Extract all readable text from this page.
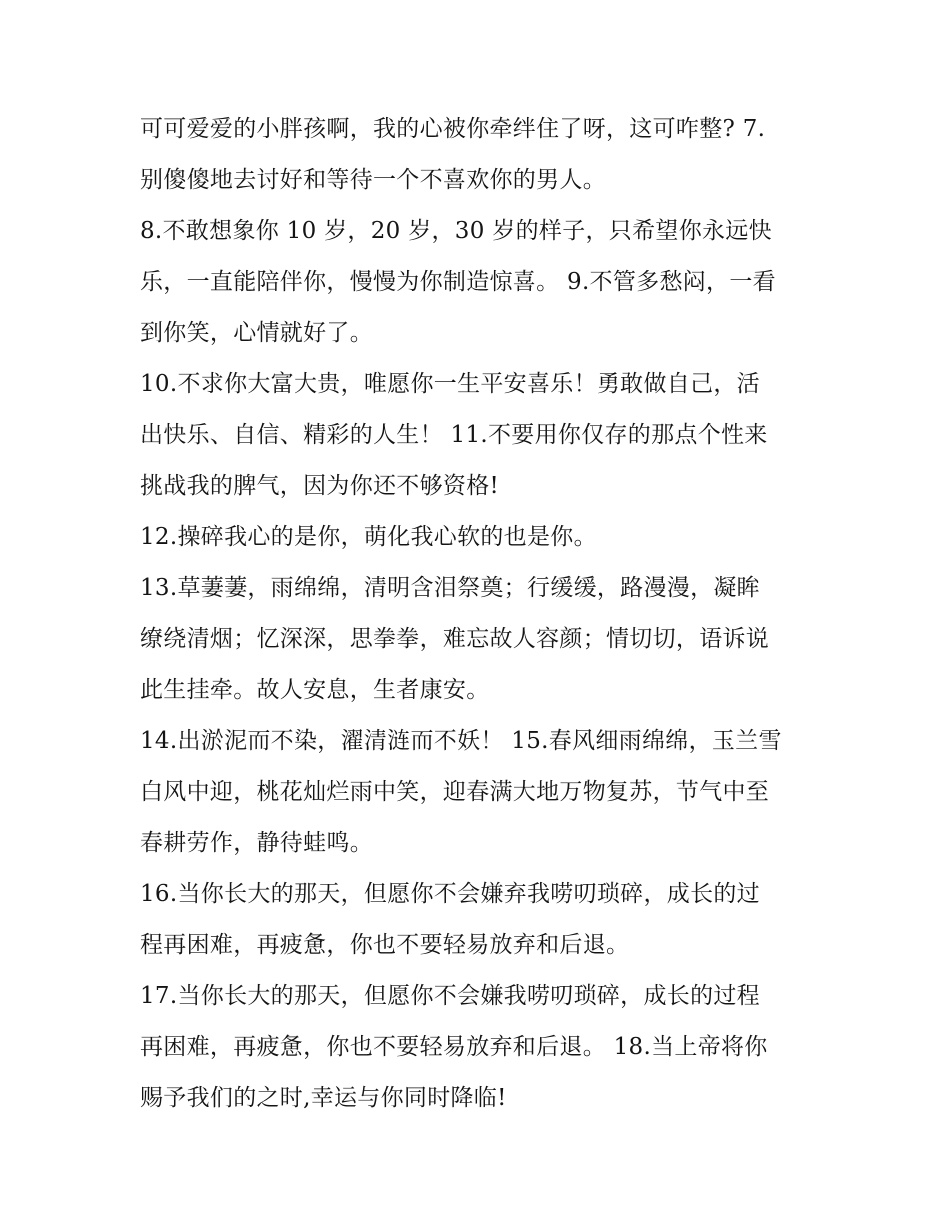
可可爱爱的小胖孩啊，我的心被你牵绊住了呀，这可咋整? 7.
别傻傻地去讨好和等待一个不喜欢你的男人。
8.不敢想象你 10 岁，20 岁，30 岁的样子，只希望你永远快
乐，一直能陪伴你，慢慢为你制造惊喜。 9.不管多愁闷，一看
到你笑，心情就好了。
10.不求你大富大贵，唯愿你一生平安喜乐！勇敢做自己，活
出快乐、自信、精彩的人生！ 11.不要用你仅存的那点个性来
挑战我的脾气，因为你还不够资格!
12.操碎我心的是你，萌化我心软的也是你。
13.草萋萋，雨绵绵，清明含泪祭奠；行缓缓，路漫漫，凝眸
缭绕清烟；忆深深，思拳拳，难忘故人容颜；情切切，语诉说
此生挂牵。故人安息，生者康安。
14.出淤泥而不染，濯清涟而不妖！ 15.春风细雨绵绵，玉兰雪
白风中迎，桃花灿烂雨中笑，迎春满大地万物复苏，节气中至
春耕劳作，静待蛙鸣。
16.当你长大的那天，但愿你不会嫌弃我唠叨琐碎，成长的过
程再困难，再疲惫，你也不要轻易放弃和后退。
17.当你长大的那天，但愿你不会嫌我唠叨琐碎，成长的过程
再困难，再疲惫，你也不要轻易放弃和后退。 18.当上帝将你
赐予我们的之时,幸运与你同时降临!
